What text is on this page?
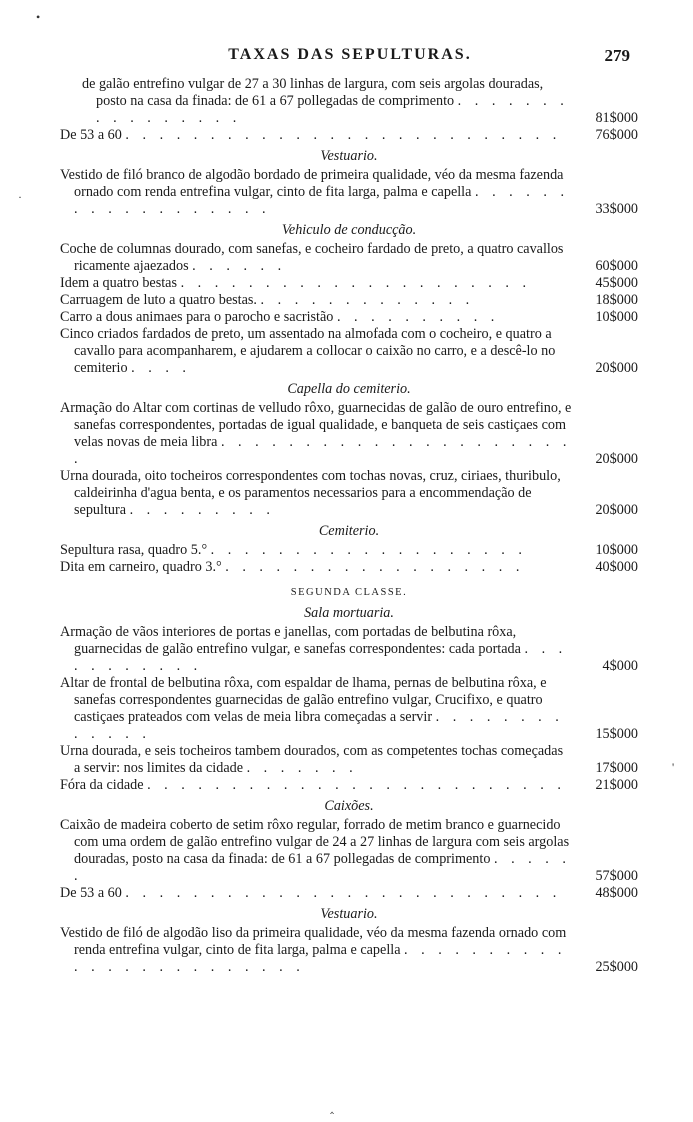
•
TAXAS DAS SEPULTURAS.	279
de galão entrefino vulgar de 27 a 30 linhas de largura, com seis argolas douradas, posto na casa da finada: de 61 a 67 pollegadas de comprimento . . . . . . . . . . . . . . . .	81$000
De 53 a 60 . . . . . . . . . . . . . . . . . . . . . . . . . .	76$000
Vestuario.
Vestido de filó branco de algodão bordado de primeira qualidade, véo da mesma fazenda ornado com renda entrefina vulgar, cinto de fita larga, palma e capella . . . . . . . . . . . . . . . . . .	33$000
Vehiculo de conducção.
Coche de columnas dourado, com sanefas, e cocheiro fardado de preto, a quatro cavallos ricamente ajaezados . . . . . .	60$000
Idem a quatro bestas . . . . . . . . . . . . . . . . . . . . .	45$000
Carruagem de luto a quatro bestas. . . . . . . . . . . . . .	18$000
Carro a dous animaes para o parocho e sacristão . . . . . . . . . .	10$000
Cinco criados fardados de preto, um assentado na almofada com o cocheiro, e quatro a cavallo para acompanharem, e ajudarem a collocar o caixão no carro, e a descê-lo no cemiterio . . . .	20$000
Capella do cemiterio.
Armação do Altar com cortinas de velludo rôxo, guarnecidas de galão de ouro entrefino, e sanefas correspondentes, portadas de igual qualidade, e banqueta de seis castiçaes com velas novas de meia libra . . . . . . . . . . . . . . . . . . . . . .	20$000
Urna dourada, oito tocheiros correspondentes com tochas novas, cruz, ciriaes, thuribulo, caldeirinha d'agua benta, e os paramentos necessarios para a encommendação de sepultura . . . . . . . . .	20$000
Cemiterio.
Sepultura rasa, quadro 5.° . . . . . . . . . . . . . . . . . . .	10$000
Dita em carneiro, quadro 3.° . . . . . . . . . . . . . . . . . .	40$000
SEGUNDA CLASSE.
Sala mortuaria.
Armação de vãos interiores de portas e janellas, com portadas de belbutina rôxa, guarnecidas de galão entrefino vulgar, e sanefas correspondentes: cada portada . . . . . . . . . . .	4$000
Altar de frontal de belbutina rôxa, com espaldar de lhama, pernas de belbutina rôxa, e sanefas correspondentes guarnecidas de galão entrefino vulgar, Crucifixo, e quatro castiçaes prateados com velas de meia libra começadas a servir . . . . . . . . . . . . .	15$000
Urna dourada, e seis tocheiros tambem dourados, com as competentes tochas começadas a servir: nos limites da cidade . . . . . . .	17$000
Fóra da cidade . . . . . . . . . . . . . . . . . . . . . . . . .	21$000
Caixões.
Caixão de madeira coberto de setim rôxo regular, forrado de metim branco e guarnecido com uma ordem de galão entrefino vulgar de 24 a 27 linhas de largura com seis argolas douradas, posto na casa da finada: de 61 a 67 pollegadas de comprimento . . . . . .	57$000
De 53 a 60 . . . . . . . . . . . . . . . . . . . . . . . . . .	48$000
Vestuario.
Vestido de filó de algodão liso da primeira qualidade, véo da mesma fazenda ornado com renda entrefina vulgar, cinto de fita larga, palma e capella . . . . . . . . . . . . . . . . . . . . . . . .	25$000
·
'
‸
